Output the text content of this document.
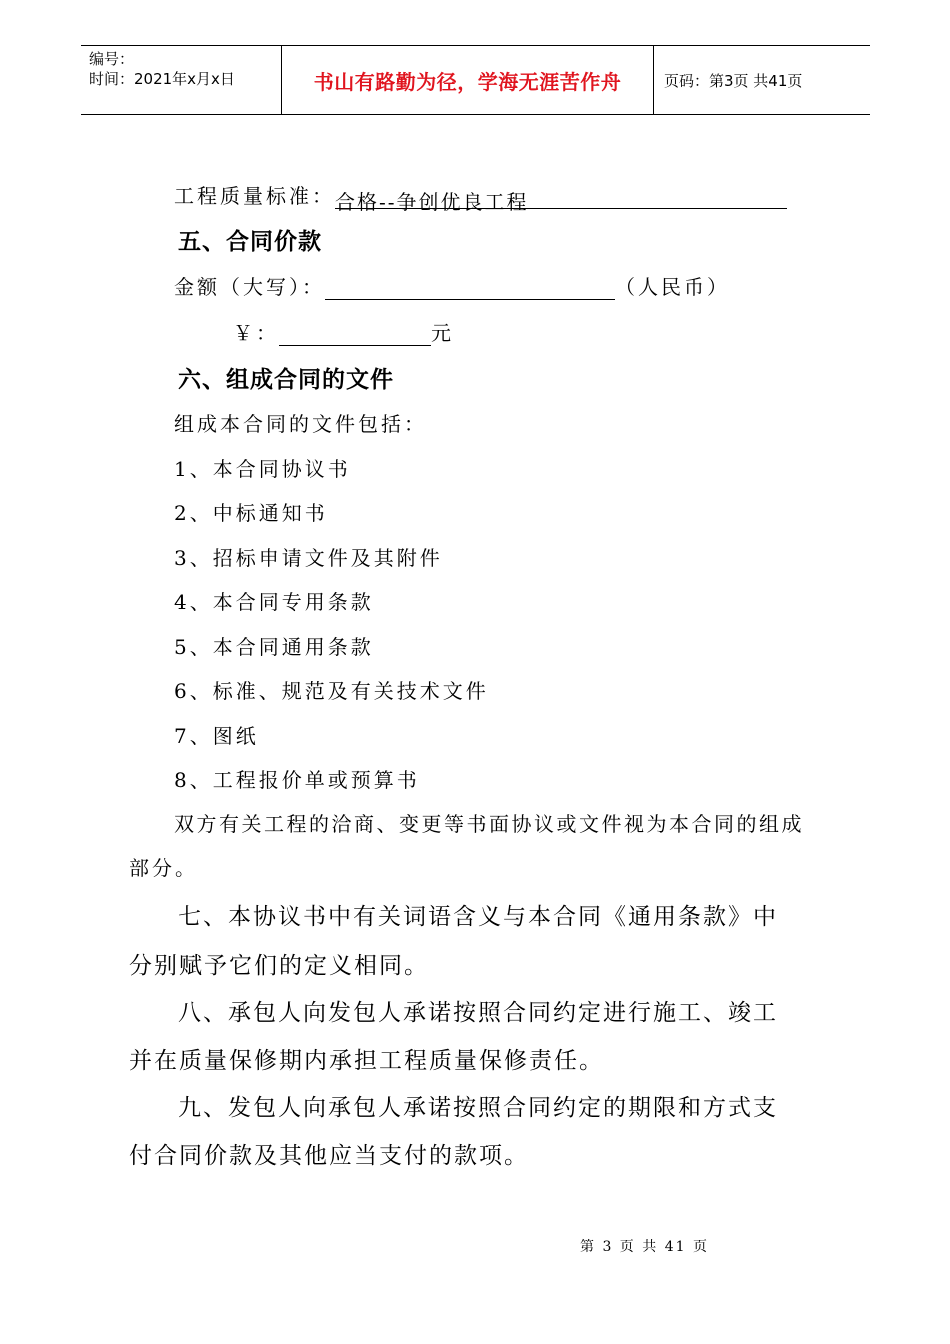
编号：
时间：2021年x月x日	书山有路勤为径，学海无涯苦作舟	页码：第3页 共41页
工程质量标准：合格--争创优良工程
五、合同价款
金额（大写）：	（人民币）
￥：	元
六、组成合同的文件
组成本合同的文件包括：
1、本合同协议书
2、中标通知书
3、招标申请文件及其附件
4、本合同专用条款
5、本合同通用条款
6、标准、规范及有关技术文件
7、图纸
8、工程报价单或预算书
双方有关工程的洽商、变更等书面协议或文件视为本合同的组成
部分。
七、本协议书中有关词语含义与本合同《通用条款》中
分别赋予它们的定义相同。
八、承包人向发包人承诺按照合同约定进行施工、竣工
并在质量保修期内承担工程质量保修责任。
九、发包人向承包人承诺按照合同约定的期限和方式支
付合同价款及其他应当支付的款项。
第 3 页 共 41 页
